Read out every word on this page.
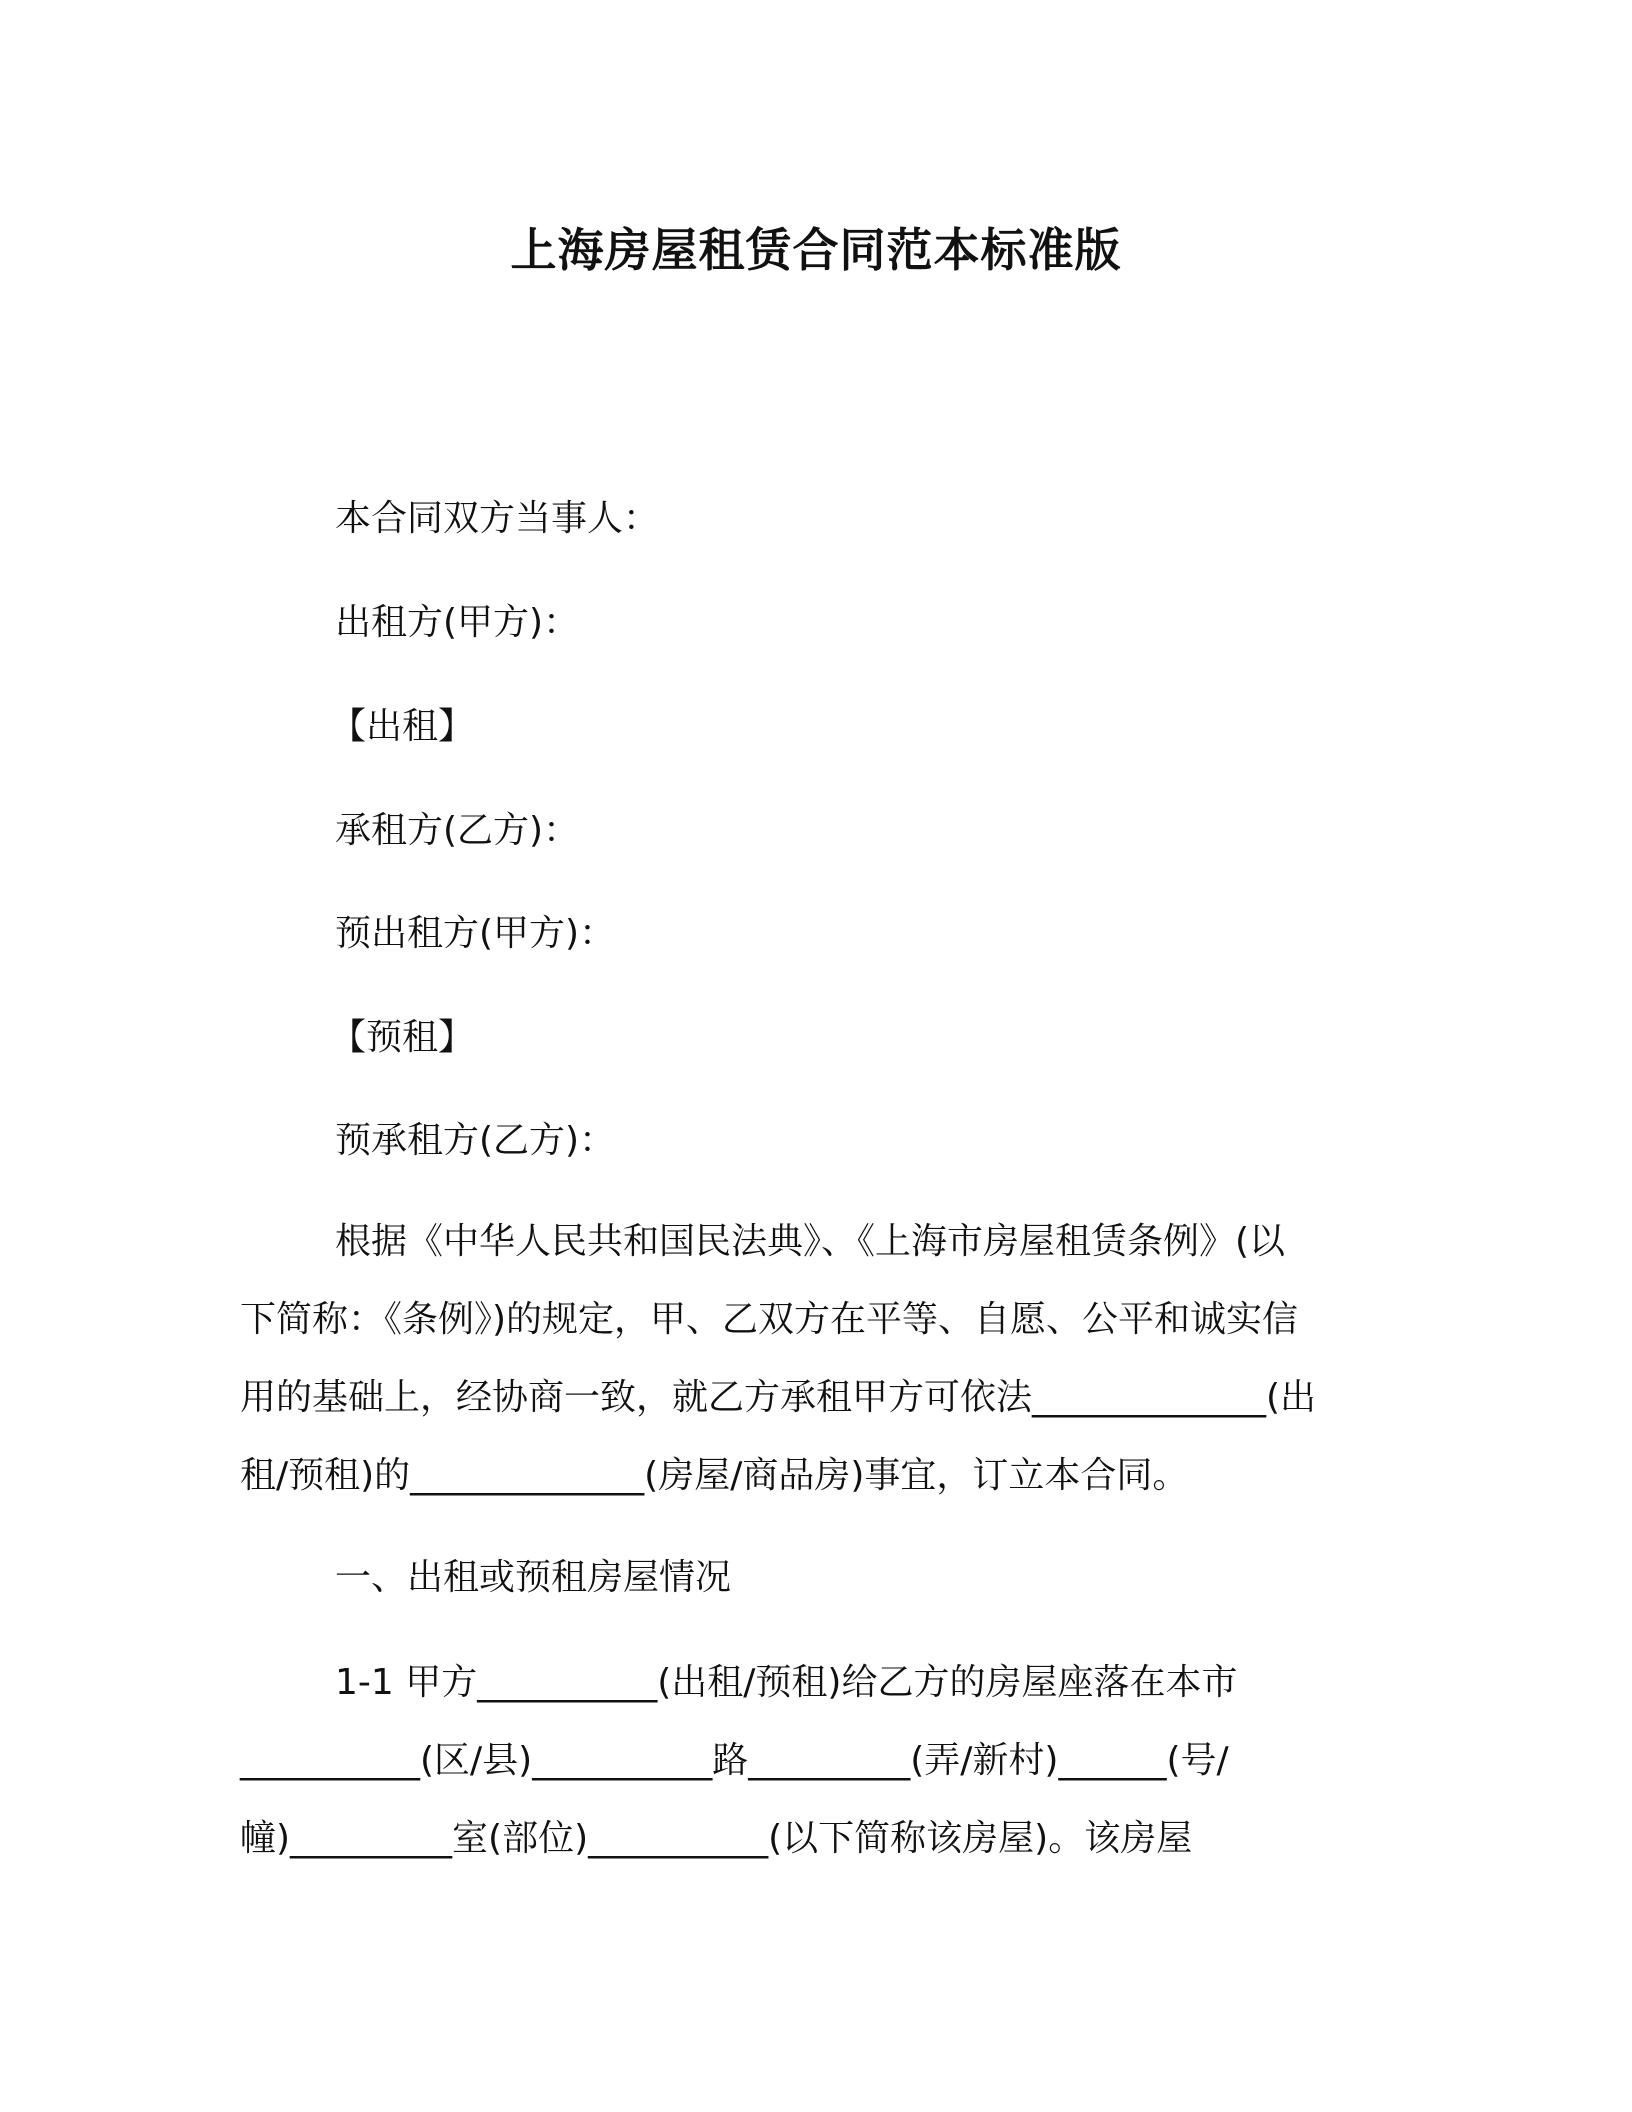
上海房屋租赁合同范本标准版
本合同双方当事人：
出租方(甲方)：
【出租】
承租方(乙方)：
预出租方(甲方)：
【预租】
预承租方(乙方)：
根据《中华人民共和国民法典》、《上海市房屋租赁条例》(以
下简称：《条例》)的规定，甲、乙双方在平等、自愿、公平和诚实信
用的基础上，经协商一致，就乙方承租甲方可依法_____________(出
租/预租)的_____________(房屋/商品房)事宜，订立本合同。
一、出租或预租房屋情况
1-1 甲方__________(出租/预租)给乙方的房屋座落在本市
__________(区/县)__________路_________(弄/新村)______(号/
幢)_________室(部位)__________(以下简称该房屋)。该房屋
